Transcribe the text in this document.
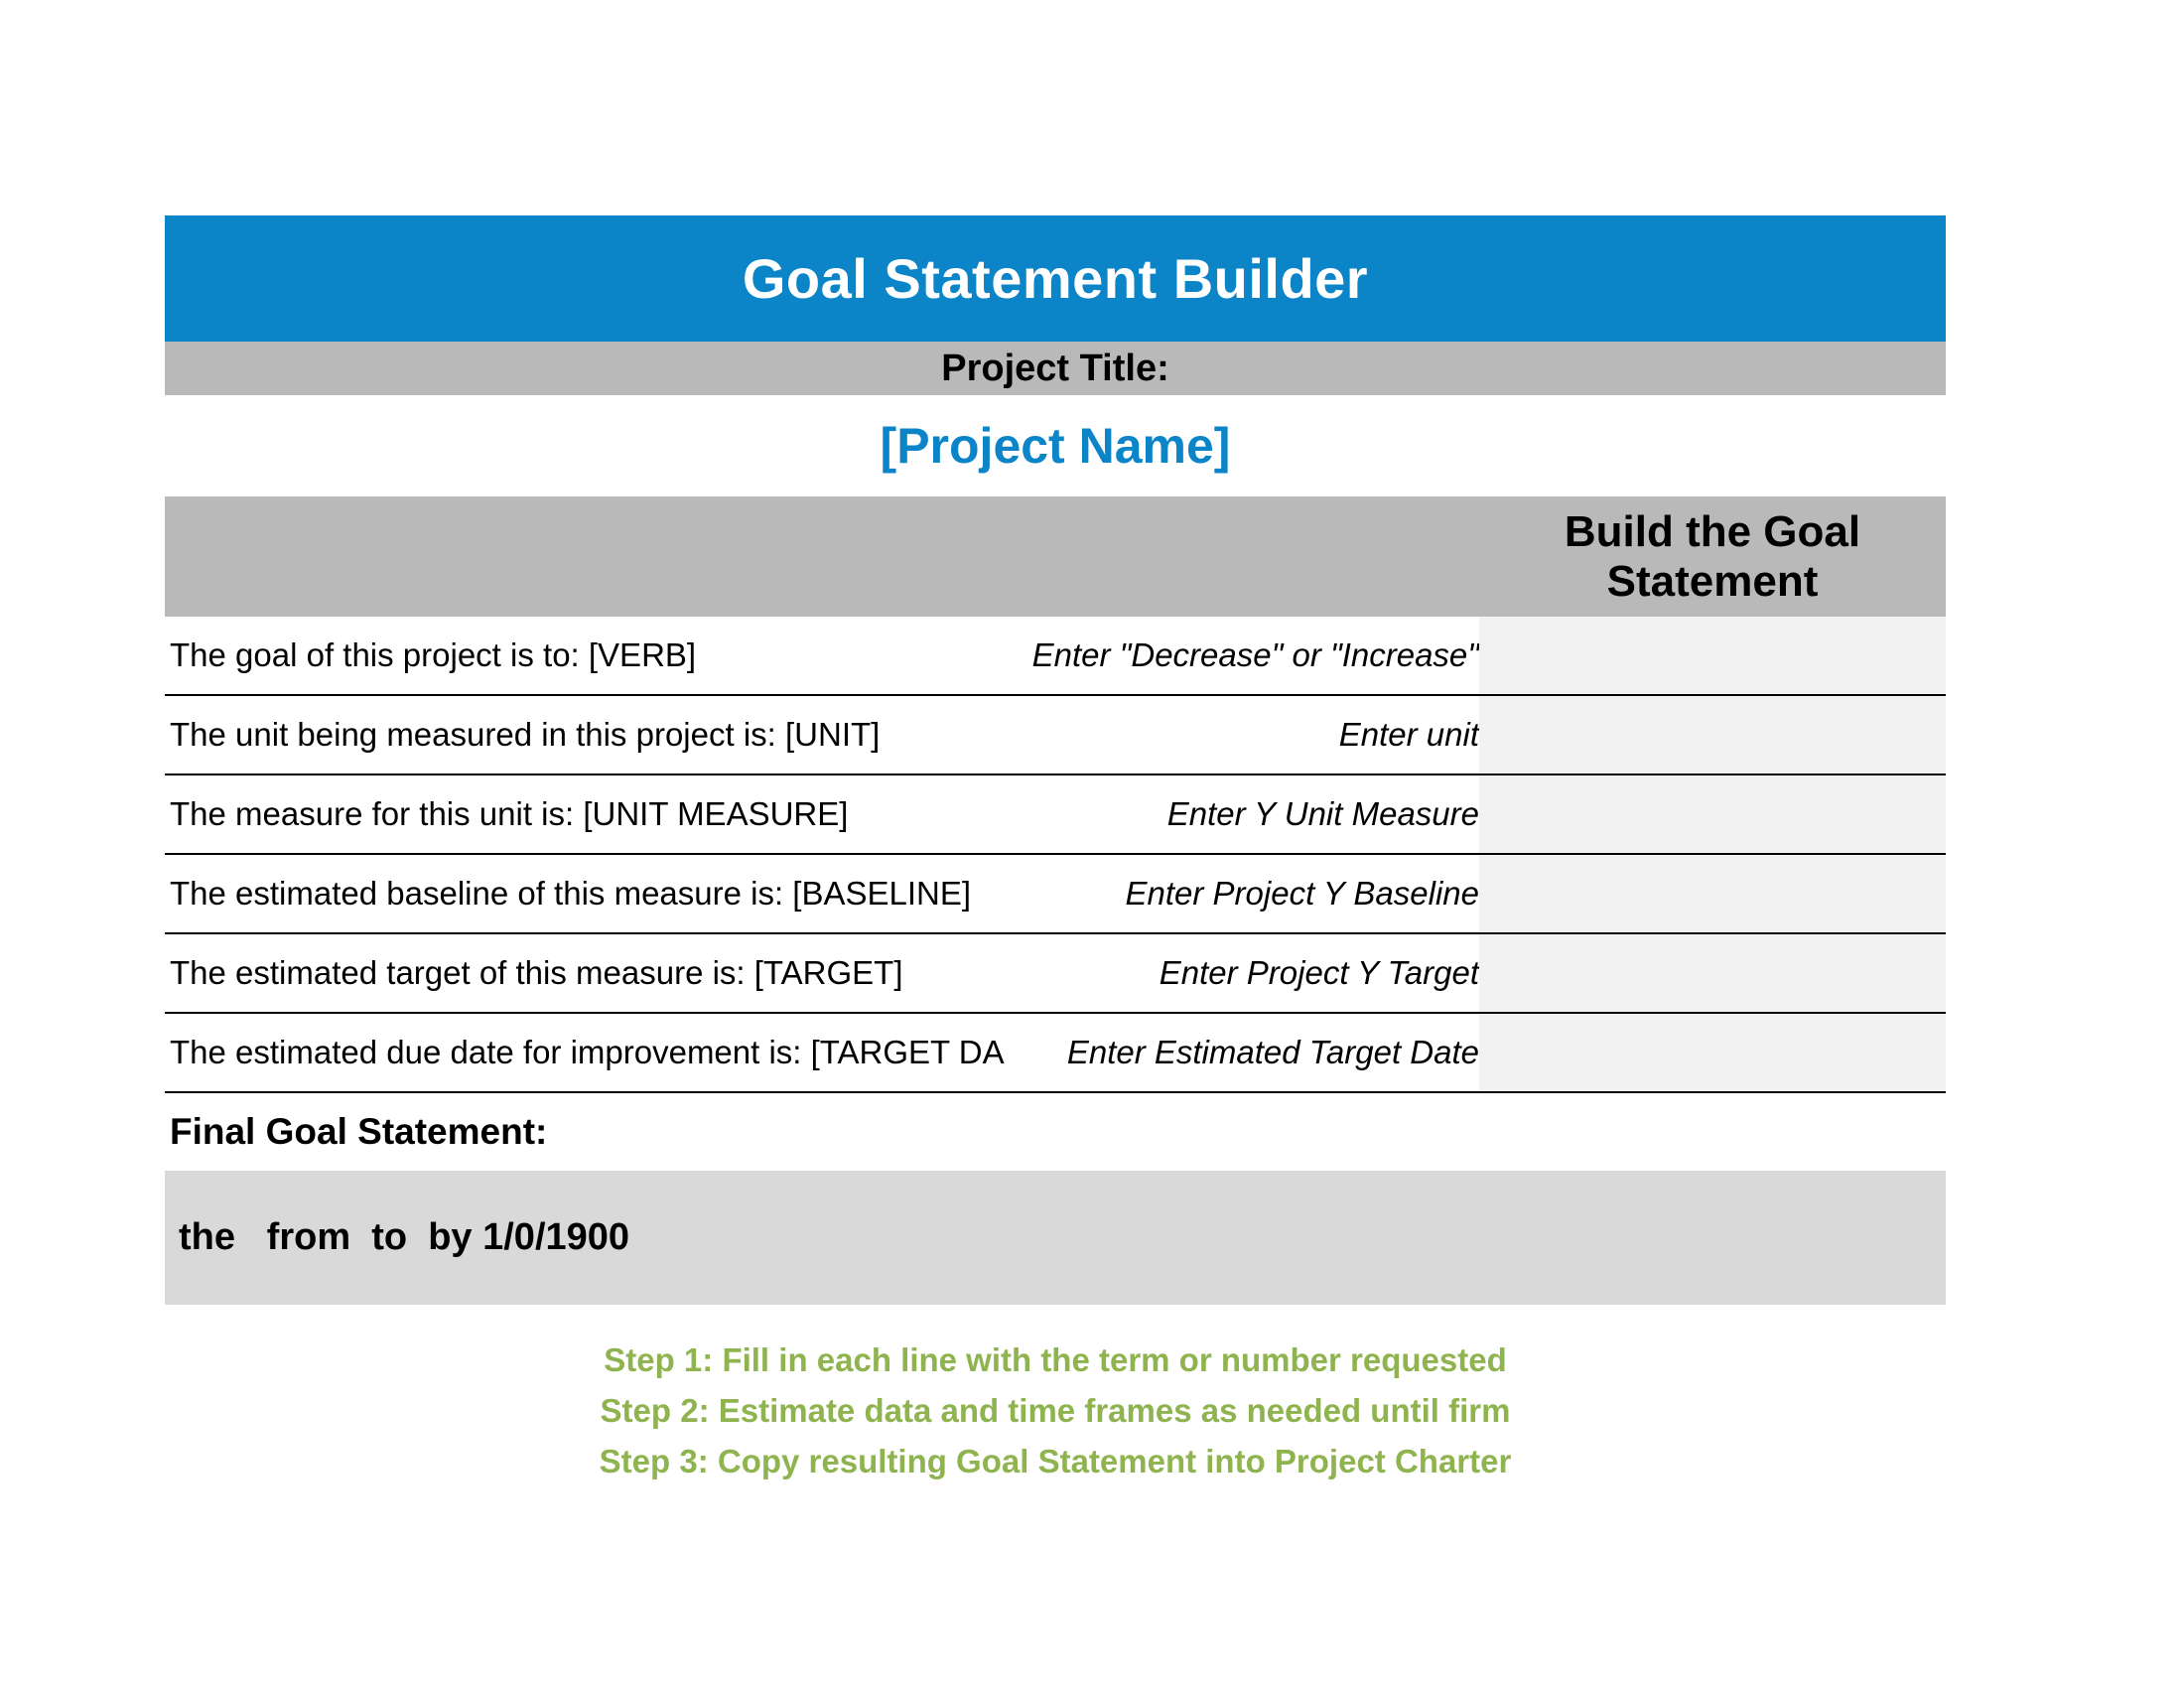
Goal Statement Builder
Project Title:
[Project Name]
Build the Goal Statement
The goal of this project is to: [VERB]	Enter "Decrease" or "Increase"
The unit being measured in this project is: [UNIT]	Enter unit
The measure for this unit is: [UNIT MEASURE]	Enter Y Unit Measure
The estimated baseline of this measure is: [BASELINE]	Enter Project Y Baseline
The estimated target of this measure is: [TARGET]	Enter Project Y Target
The estimated due date for improvement is: [TARGET DA	Enter Estimated Target Date
Final Goal Statement:
the   from  to  by 1/0/1900
Step 1: Fill in each line with the term or number requested
Step 2: Estimate data and time frames as needed until firm
Step 3: Copy resulting Goal Statement into Project Charter
